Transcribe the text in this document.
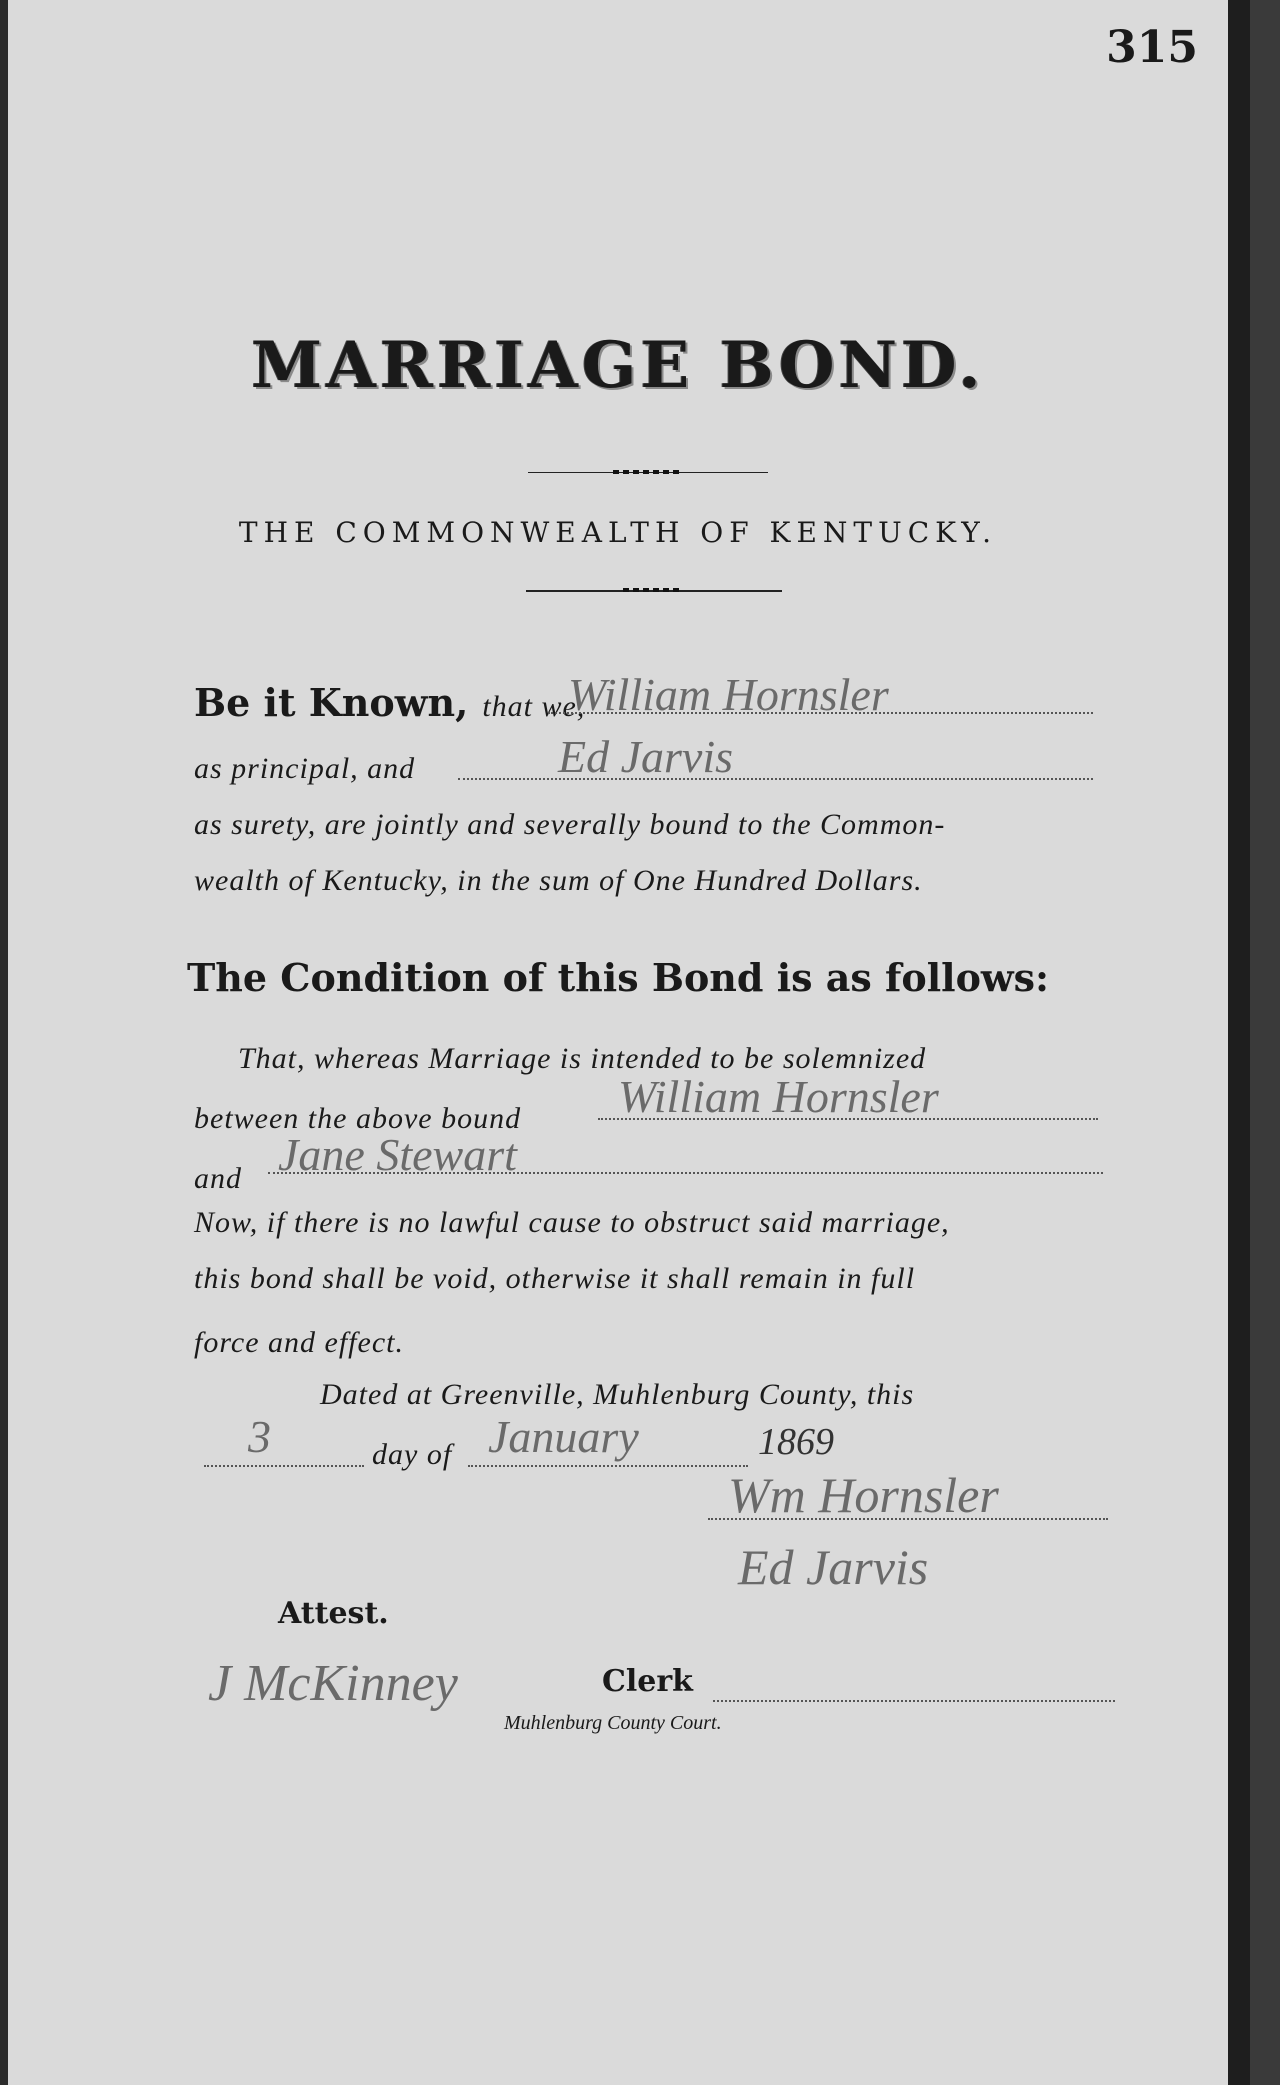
315
MARRIAGE BOND.
THE COMMONWEALTH OF KENTUCKY.
Be it Known, that we,
William Hornsler
as principal, and	Ed Jarvis
as surety, are jointly and severally bound to the Common-
wealth of Kentucky, in the sum of One Hundred Dollars.
The Condition of this Bond is as follows:
That, whereas Marriage is intended to be solemnized
between the above bound William Hornsler
and Jane Stewart
Now, if there is no lawful cause to obstruct said marriage,
this bond shall be void, otherwise it shall remain in full
force and effect.
Dated at Greenville, Muhlenburg County, this
3	day of January	1869
Wm Hornsler
Ed Jarvis
Attest.
J McKinney	Clerk
Muhlenburg County Court.
